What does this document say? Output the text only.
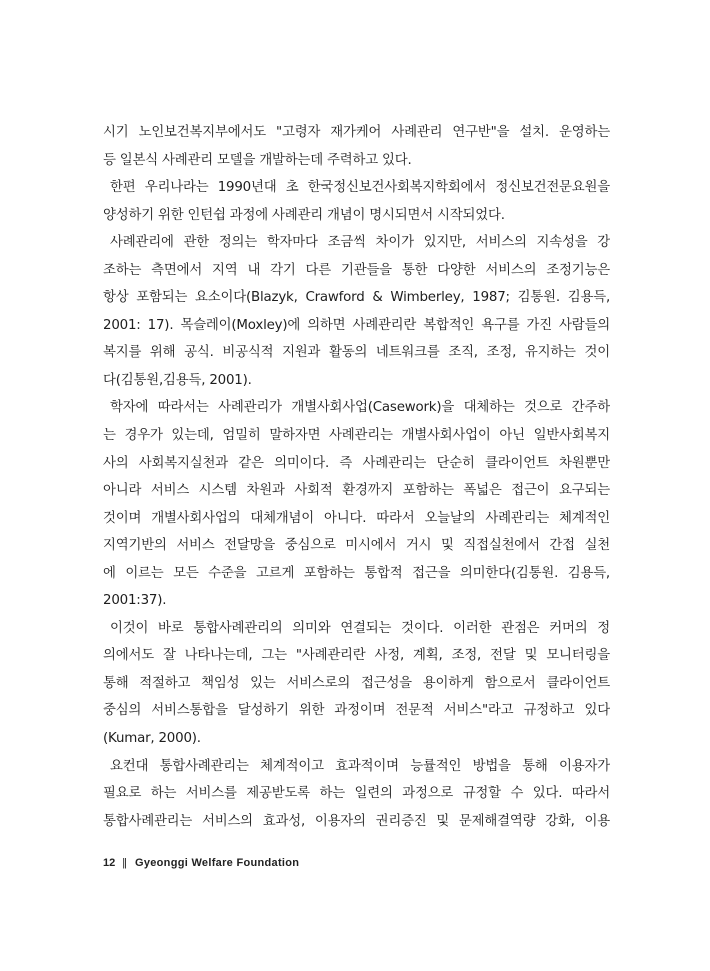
시기 노인보건복지부에서도 "고령자 재가케어 사례관리 연구반"을 설치. 운영하는
등 일본식 사례관리 모델을 개발하는데 주력하고 있다.
한편 우리나라는 1990년대 초 한국정신보건사회복지학회에서 정신보건전문요원을
양성하기 위한 인턴쉽 과정에 사례관리 개념이 명시되면서 시작되었다.
사례관리에 관한 정의는 학자마다 조금씩 차이가 있지만, 서비스의 지속성을 강
조하는 측면에서 지역 내 각기 다른 기관들을 통한 다양한 서비스의 조정기능은
항상 포함되는 요소이다(Blazyk, Crawford & Wimberley, 1987; 김통원. 김용득,
2001: 17). 목슬레이(Moxley)에 의하면 사례관리란 복합적인 욕구를 가진 사람들의
복지를 위해 공식. 비공식적 지원과 활동의 네트워크를 조직, 조정, 유지하는 것이
다(김통원,김용득, 2001).
학자에 따라서는 사례관리가 개별사회사업(Casework)을 대체하는 것으로 간주하
는 경우가 있는데, 엄밀히 말하자면 사례관리는 개별사회사업이 아닌 일반사회복지
사의 사회복지실천과 같은 의미이다. 즉 사례관리는 단순히 클라이언트 차원뿐만
아니라 서비스 시스템 차원과 사회적 환경까지 포함하는 폭넓은 접근이 요구되는
것이며 개별사회사업의 대체개념이 아니다. 따라서 오늘날의 사례관리는 체계적인
지역기반의 서비스 전달망을 중심으로 미시에서 거시 및 직접실천에서 간접 실천
에 이르는 모든 수준을 고르게 포함하는 통합적 접근을 의미한다(김통원. 김용득,
2001:37).
이것이 바로 통합사례관리의 의미와 연결되는 것이다. 이러한 관점은 커머의 정
의에서도 잘 나타나는데, 그는 "사례관리란 사정, 계획, 조정, 전달 및 모니터링을
통해 적절하고 책임성 있는 서비스로의 접근성을 용이하게 함으로서 클라이언트
중심의 서비스통합을 달성하기 위한 과정이며 전문적 서비스"라고 규정하고 있다
(Kumar, 2000).
요컨대 통합사례관리는 체계적이고 효과적이며 능률적인 방법을 통해 이용자가
필요로 하는 서비스를 제공받도록 하는 일련의 과정으로 규정할 수 있다. 따라서
통합사례관리는 서비스의 효과성, 이용자의 권리증진 및 문제해결역량 강화, 이용
12 || Gyeonggi Welfare Foundation
